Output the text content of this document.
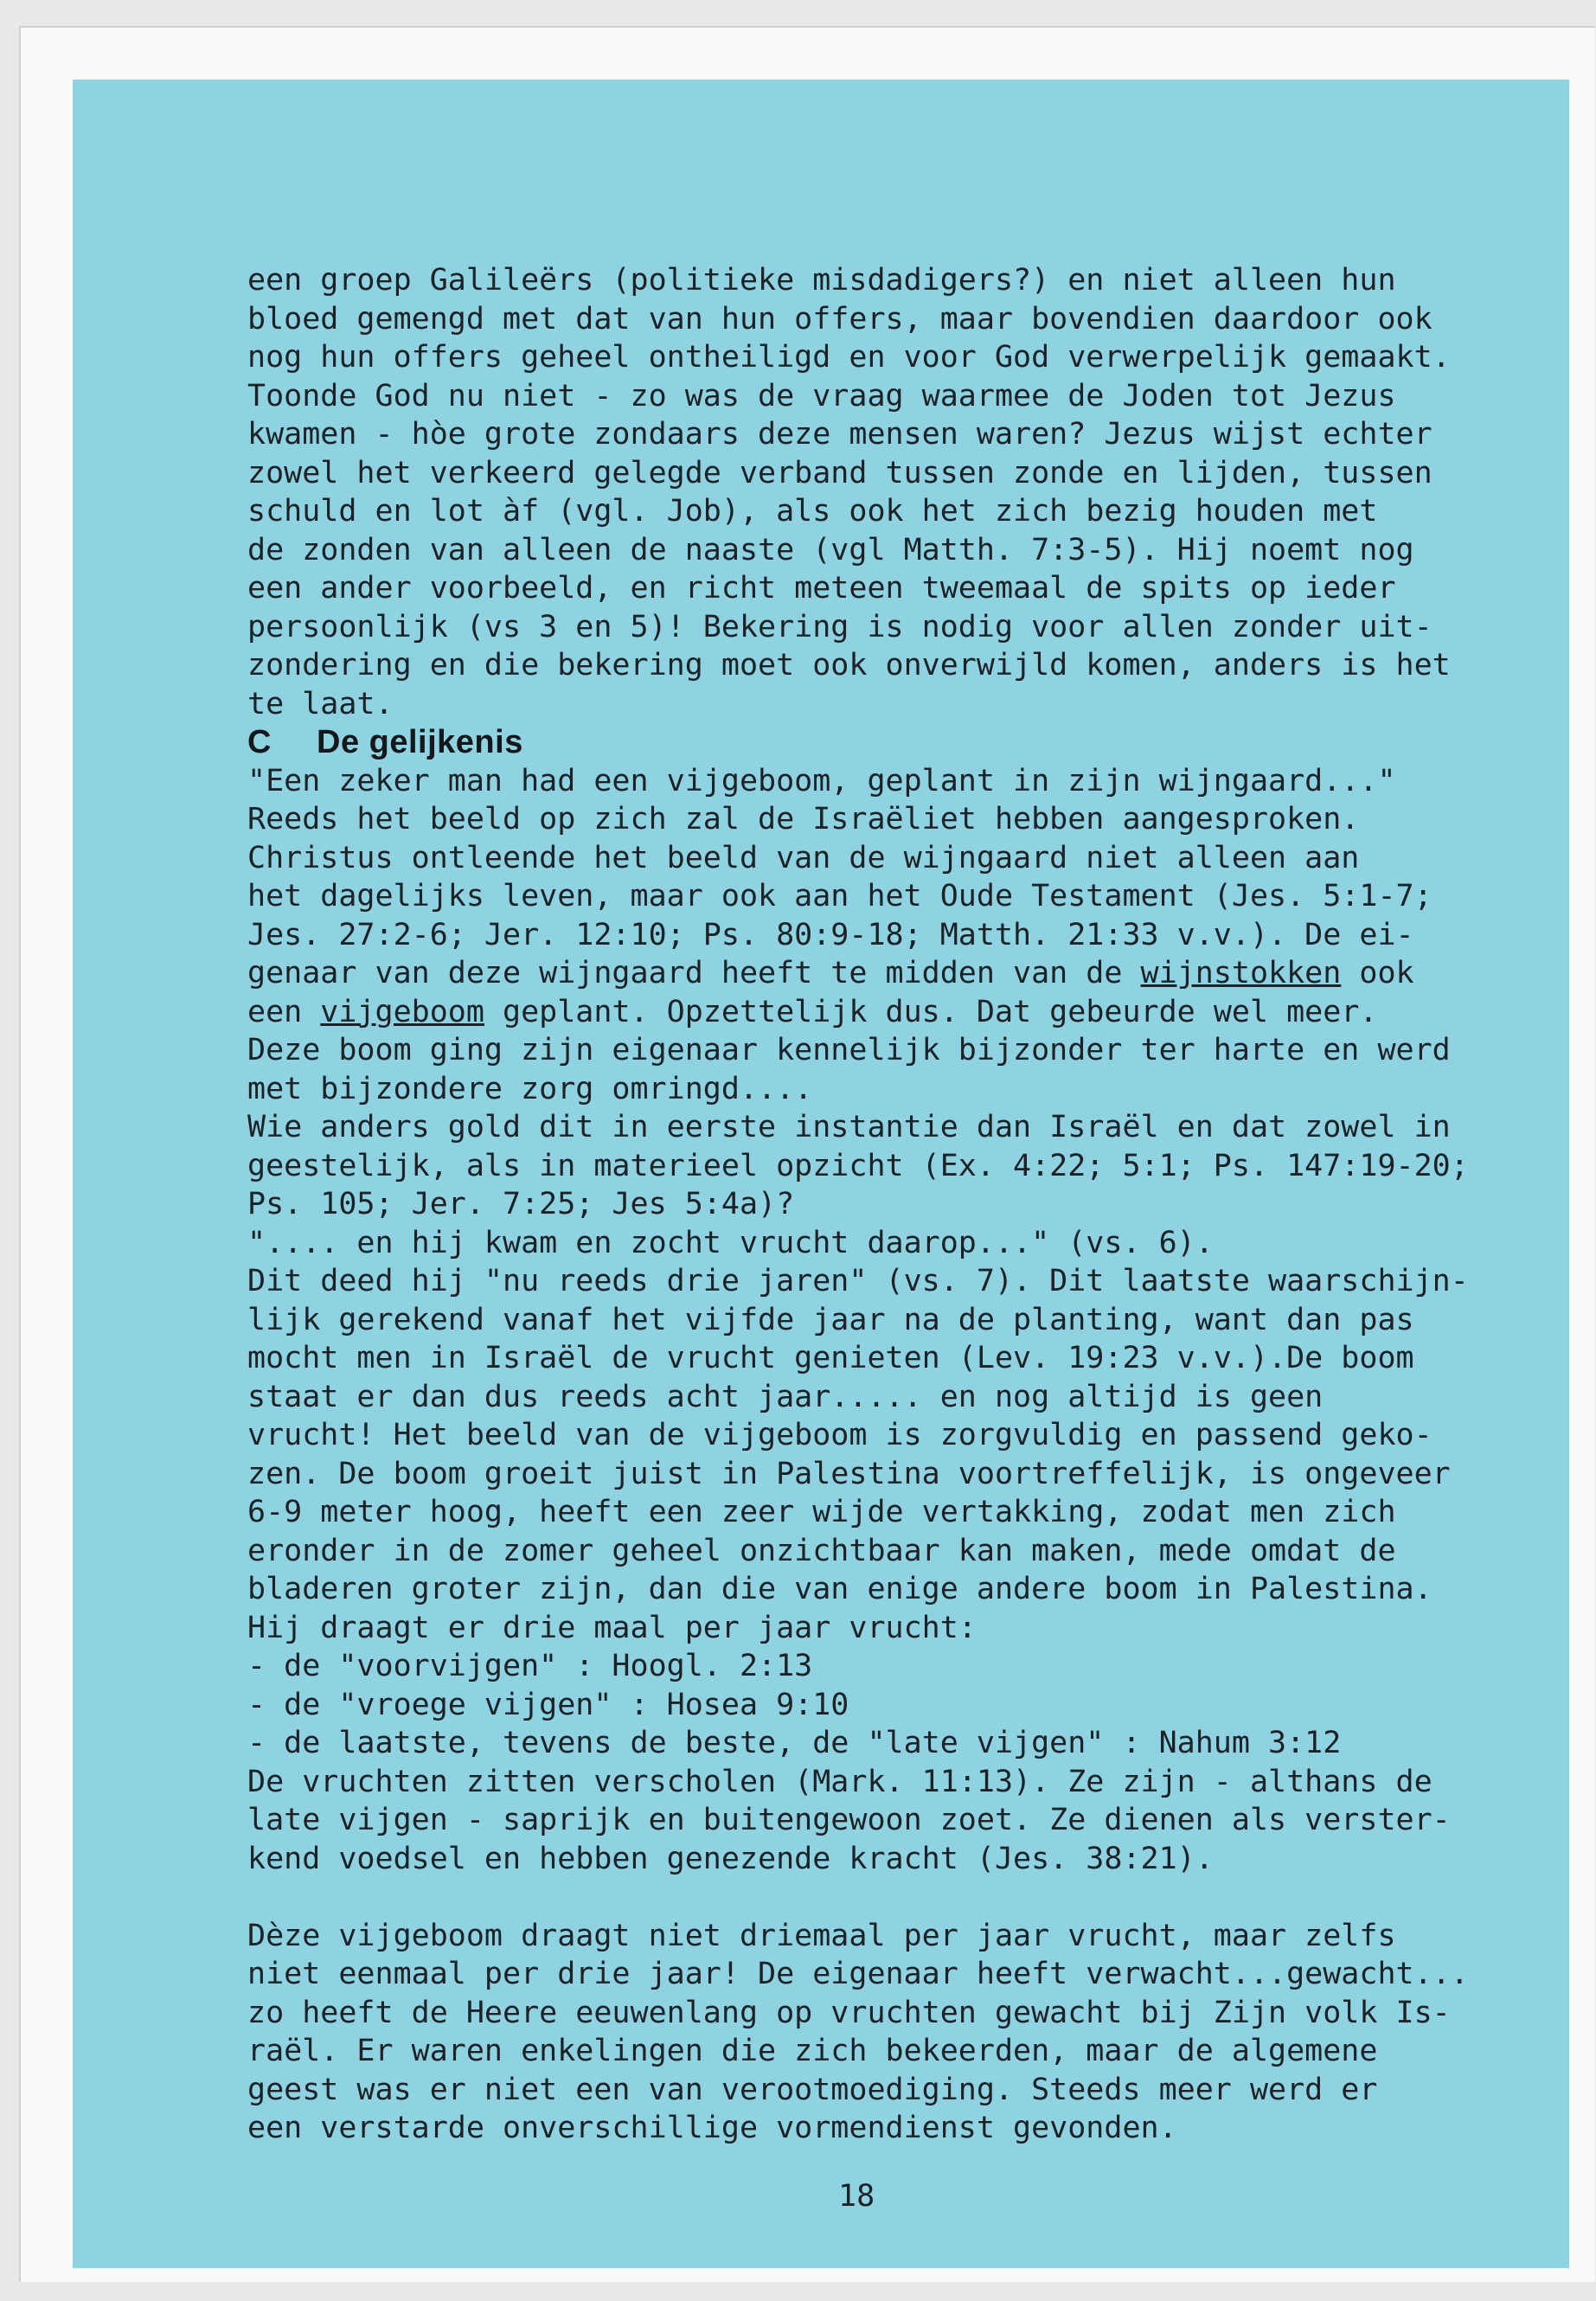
een groep Galileërs (politieke misdadigers?) en niet alleen hun
bloed gemengd met dat van hun offers, maar bovendien daardoor ook
nog hun offers geheel ontheiligd en voor God verwerpelijk gemaakt.
Toonde God nu niet - zo was de vraag waarmee de Joden tot Jezus
kwamen - hòe grote zondaars deze mensen waren? Jezus wijst echter
zowel het verkeerd gelegde verband tussen zonde en lijden, tussen
schuld en lot àf (vgl. Job), als ook het zich bezig houden met
de zonden van alleen de naaste (vgl Matth. 7:3-5). Hij noemt nog
een ander voorbeeld, en richt meteen tweemaal de spits op ieder
persoonlijk (vs 3 en 5)! Bekering is nodig voor allen zonder uit-
zondering en die bekering moet ook onverwijld komen, anders is het
te laat.
C De gelijkenis
"Een zeker man had een vijgeboom, geplant in zijn wijngaard..."
Reeds het beeld op zich zal de Israëliet hebben aangesproken.
Christus ontleende het beeld van de wijngaard niet alleen aan
het dagelijks leven, maar ook aan het Oude Testament (Jes. 5:1-7;
Jes. 27:2-6; Jer. 12:10; Ps. 80:9-18; Matth. 21:33 v.v.). De ei-
genaar van deze wijngaard heeft te midden van de wijnstokken ook
een vijgeboom geplant. Opzettelijk dus. Dat gebeurde wel meer.
Deze boom ging zijn eigenaar kennelijk bijzonder ter harte en werd
met bijzondere zorg omringd....
Wie anders gold dit in eerste instantie dan Israël en dat zowel in
geestelijk, als in materieel opzicht (Ex. 4:22; 5:1; Ps. 147:19-20;
Ps. 105; Jer. 7:25; Jes 5:4a)?
".... en hij kwam en zocht vrucht daarop..." (vs. 6).
Dit deed hij "nu reeds drie jaren" (vs. 7). Dit laatste waarschijn-
lijk gerekend vanaf het vijfde jaar na de planting, want dan pas
mocht men in Israël de vrucht genieten (Lev. 19:23 v.v.).De boom
staat er dan dus reeds acht jaar..... en nog altijd is geen
vrucht! Het beeld van de vijgeboom is zorgvuldig en passend geko-
zen. De boom groeit juist in Palestina voortreffelijk, is ongeveer
6-9 meter hoog, heeft een zeer wijde vertakking, zodat men zich
eronder in de zomer geheel onzichtbaar kan maken, mede omdat de
bladeren groter zijn, dan die van enige andere boom in Palestina.
Hij draagt er drie maal per jaar vrucht:
- de "voorvijgen" : Hoogl. 2:13
- de "vroege vijgen" : Hosea 9:10
- de laatste, tevens de beste, de "late vijgen" : Nahum 3:12
De vruchten zitten verscholen (Mark. 11:13). Ze zijn - althans de
late vijgen - saprijk en buitengewoon zoet. Ze dienen als verster-
kend voedsel en hebben genezende kracht (Jes. 38:21).
Dèze vijgeboom draagt niet driemaal per jaar vrucht, maar zelfs
niet eenmaal per drie jaar! De eigenaar heeft verwacht...gewacht...
zo heeft de Heere eeuwenlang op vruchten gewacht bij Zijn volk Is-
raël. Er waren enkelingen die zich bekeerden, maar de algemene
geest was er niet een van verootmoediging. Steeds meer werd er
een verstarde onverschillige vormendienst gevonden.
18
